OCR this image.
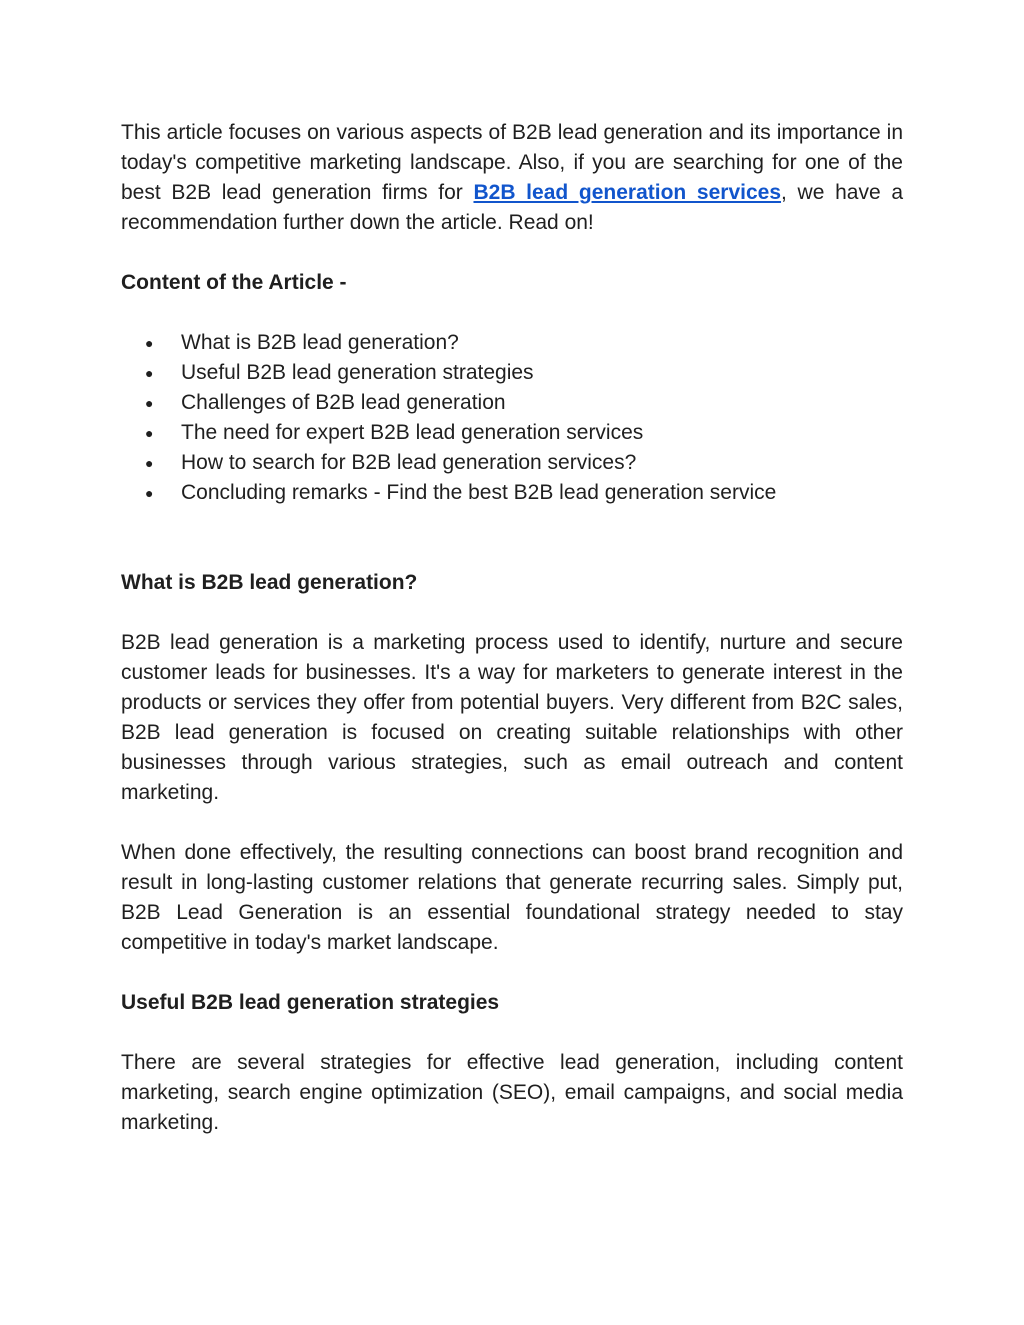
This article focuses on various aspects of B2B lead generation and its importance in today's competitive marketing landscape. Also, if you are searching for one of the best B2B lead generation firms for B2B lead generation services, we have a recommendation further down the article. Read on!

Content of the Article -
● What is B2B lead generation?
● Useful B2B lead generation strategies
● Challenges of B2B lead generation
● The need for expert B2B lead generation services
● How to search for B2B lead generation services?
● Concluding remarks - Find the best B2B lead generation service
What is B2B lead generation?

B2B lead generation is a marketing process used to identify, nurture and secure customer leads for businesses. It's a way for marketers to generate interest in the products or services they offer from potential buyers. Very different from B2C sales, B2B lead generation is focused on creating suitable relationships with other businesses through various strategies, such as email outreach and content marketing.

When done effectively, the resulting connections can boost brand recognition and result in long-lasting customer relations that generate recurring sales. Simply put, B2B Lead Generation is an essential foundational strategy needed to stay competitive in today's market landscape.

Useful B2B lead generation strategies

There are several strategies for effective lead generation, including content marketing, search engine optimization (SEO), email campaigns, and social media marketing.
